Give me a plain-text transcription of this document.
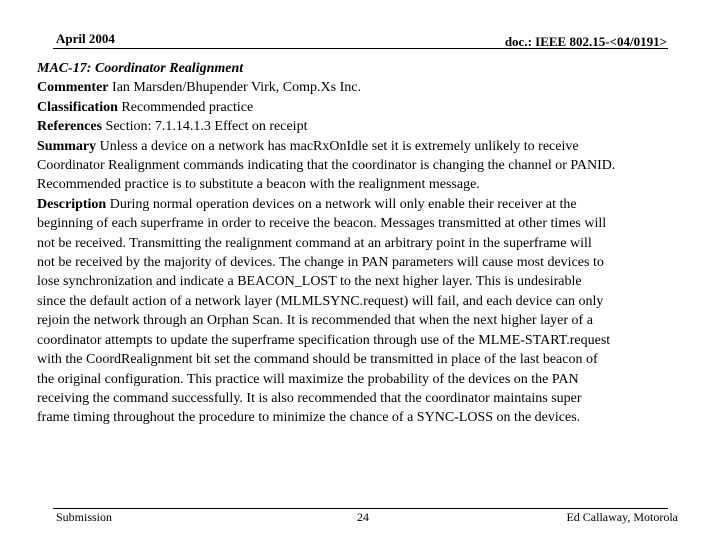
April 2004	doc.: IEEE 802.15-<04/0191>
MAC-17: Coordinator Realignment
Commenter Ian Marsden/Bhupender Virk, Comp.Xs Inc.
Classification Recommended practice
References Section: 7.1.14.1.3 Effect on receipt
Summary Unless a device on a network has macRxOnIdle set it is extremely unlikely to receive
Coordinator Realignment commands indicating that the coordinator is changing the channel or PANID.
Recommended practice is to substitute a beacon with the realignment message.
Description During normal operation devices on a network will only enable their receiver at the
beginning of each superframe in order to receive the beacon. Messages transmitted at other times will
not be received. Transmitting the realignment command at an arbitrary point in the superframe will
not be received by the majority of devices. The change in PAN parameters will cause most devices to
lose synchronization and indicate a BEACON_LOST to the next higher layer. This is undesirable
since the default action of a network layer (MLMLSYNC.request) will fail, and each device can only
rejoin the network through an Orphan Scan. It is recommended that when the next higher layer of a
coordinator attempts to update the superframe specification through use of the MLME-START.request
with the CoordRealignment bit set the command should be transmitted in place of the last beacon of
the original configuration. This practice will maximize the probability of the devices on the PAN
receiving the command successfully. It is also recommended that the coordinator maintains super
frame timing throughout the procedure to minimize the chance of a SYNC-LOSS on the devices.
Submission	24	Ed Callaway, Motorola
